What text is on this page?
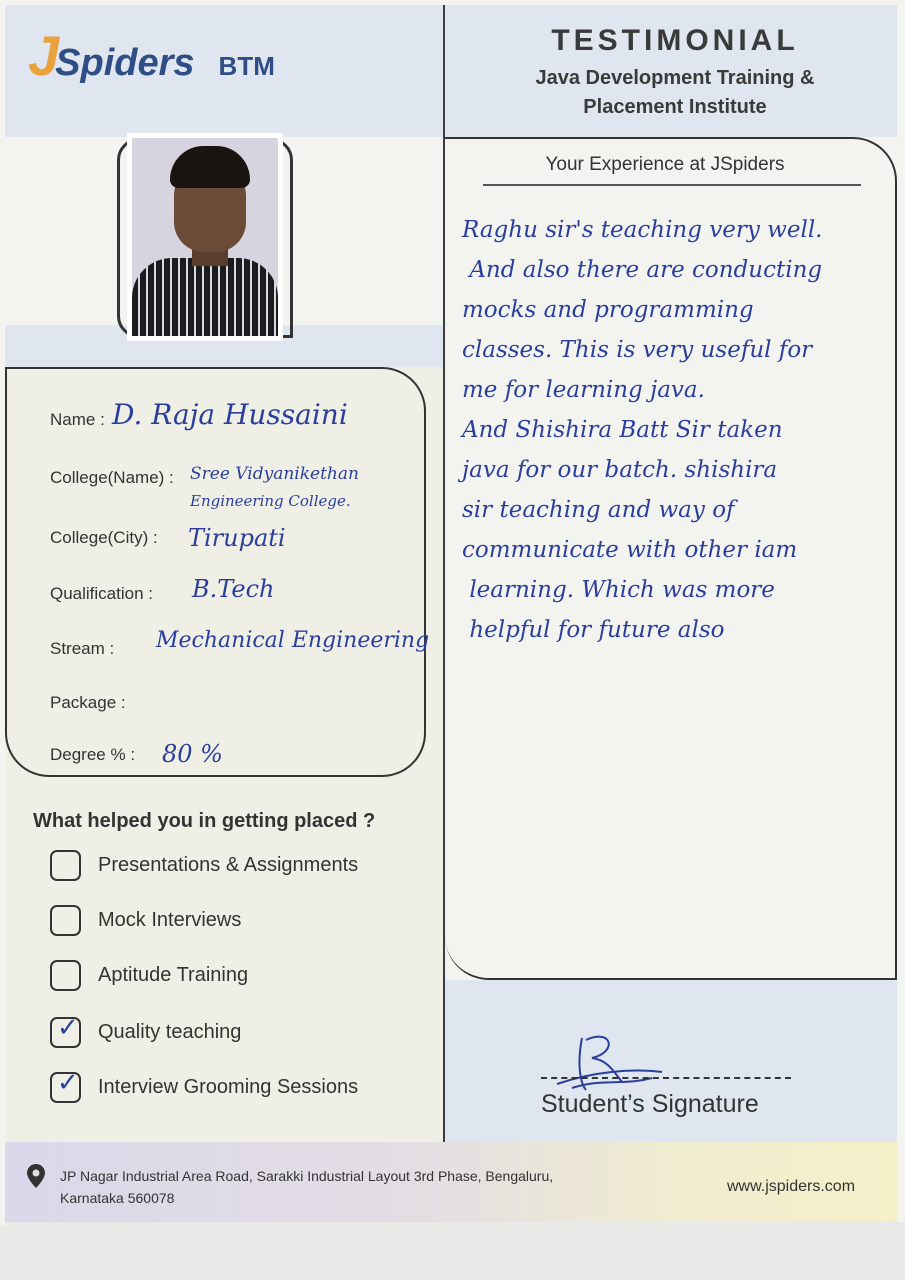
J
Spiders BTM
TESTIMONIAL
Java Development Training &
Placement Institute
Name : D. Raja Hussaini
College(Name) : Sree Vidyanikethan
Engineering College.
College(City) : Tirupati
Qualification : B.Tech
Stream : Mechanical Engineering
Package :
Degree % : 80 %
What helped you in getting placed ?
Presentations & Assignments
Mock Interviews
Aptitude Training
✓ Quality teaching
✓ Interview Grooming Sessions
Your Experience at JSpiders
Raghu sir's teaching very well.
And also there are conducting
mocks and programming
classes. This is very useful for
me for learning java.
And Shishira Batt Sir taken
java for our batch. shishira
sir teaching and way of
communicate with other iam
learning. Which was more
helpful for future also
Student’s Signature
JP Nagar Industrial Area Road, Sarakki Industrial Layout 3rd Phase, Bengaluru,
Karnataka 560078
www.jspiders.com
